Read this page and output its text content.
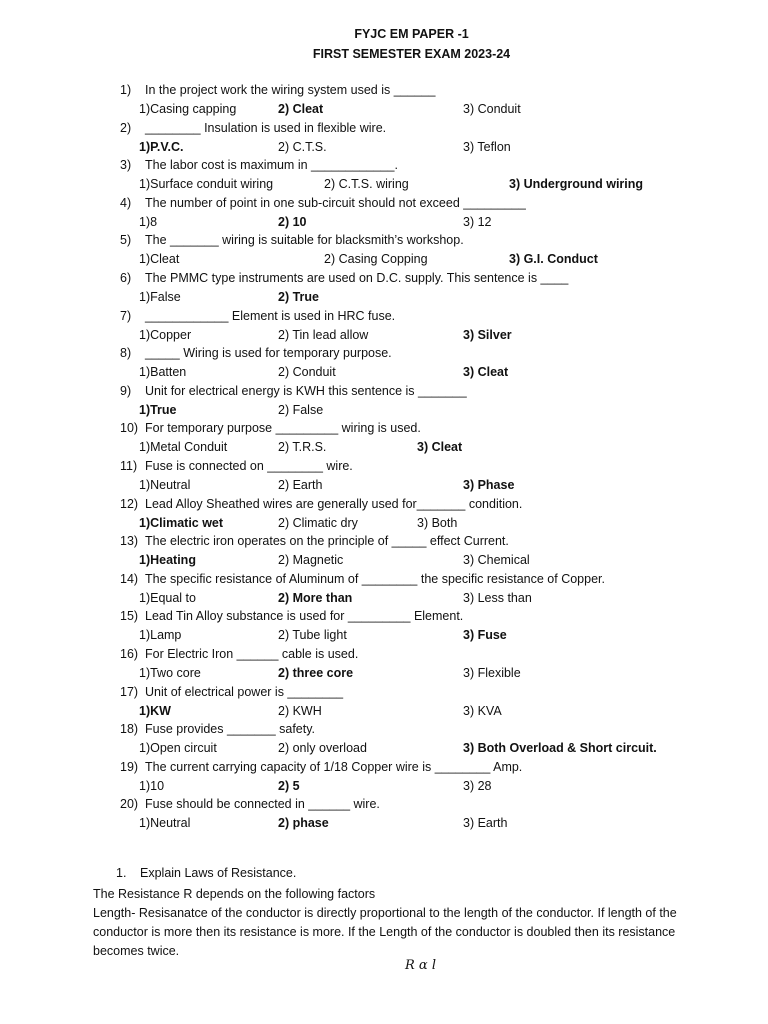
FYJC EM PAPER -1
FIRST SEMESTER EXAM 2023-24
1) In the project work the wiring system used is ______
1)Casing capping	2) Cleat	3) Conduit
2) ________ Insulation is used in flexible wire.
1)P.V.C.	2) C.T.S.	3) Teflon
3) The labor cost is maximum in ____________.
1)Surface conduit wiring	2) C.T.S. wiring	3) Underground wiring
4) The number of point in one sub-circuit should not exceed _________
1)8	2) 10	3) 12
5) The _______ wiring is suitable for blacksmith’s workshop.
1)Cleat	2) Casing Copping	3) G.I. Conduct
6) The PMMC type instruments are used on D.C. supply. This sentence is ____
1)False	2) True
7) ____________ Element is used in HRC fuse.
1)Copper	2) Tin lead allow	3) Silver
8) _____ Wiring is used for temporary purpose.
1)Batten	2) Conduit	3) Cleat
9) Unit for electrical energy is KWH this sentence is _______
1)True	2) False
10) For temporary purpose _________ wiring is used.
1)Metal Conduit	2) T.R.S.	3) Cleat
11) Fuse is connected on ________ wire.
1)Neutral	2) Earth	3) Phase
12) Lead Alloy Sheathed wires are generally used for_______ condition.
1)Climatic wet	2) Climatic dry	3) Both
13) The electric iron operates on the principle of _____ effect Current.
1)Heating	2) Magnetic	3) Chemical
14) The specific resistance of Aluminum of ________ the specific resistance of Copper.
1)Equal to	2) More than	3) Less than
15) Lead Tin Alloy substance is used for _________ Element.
1)Lamp	2) Tube light	3) Fuse
16) For Electric Iron ______ cable is used.
1)Two core	2) three core	3) Flexible
17) Unit of electrical power is ________
1)KW	2) KWH	3) KVA
18) Fuse provides _______ safety.
1)Open circuit	2) only overload	3) Both Overload & Short circuit.
19) The current carrying capacity of 1/18 Copper wire is ________ Amp.
1)10	2) 5	3) 28
20) Fuse should be connected in ______ wire.
1)Neutral	2) phase	3) Earth
1. Explain Laws of Resistance.
The Resistance R depends on the following factors
Length- Resisanatce of the conductor is directly proportional to the length of the conductor. If length of the
conductor is more then its resistance is more. If the Length of the conductor is doubled then its resistance
becomes twice.
R α l
